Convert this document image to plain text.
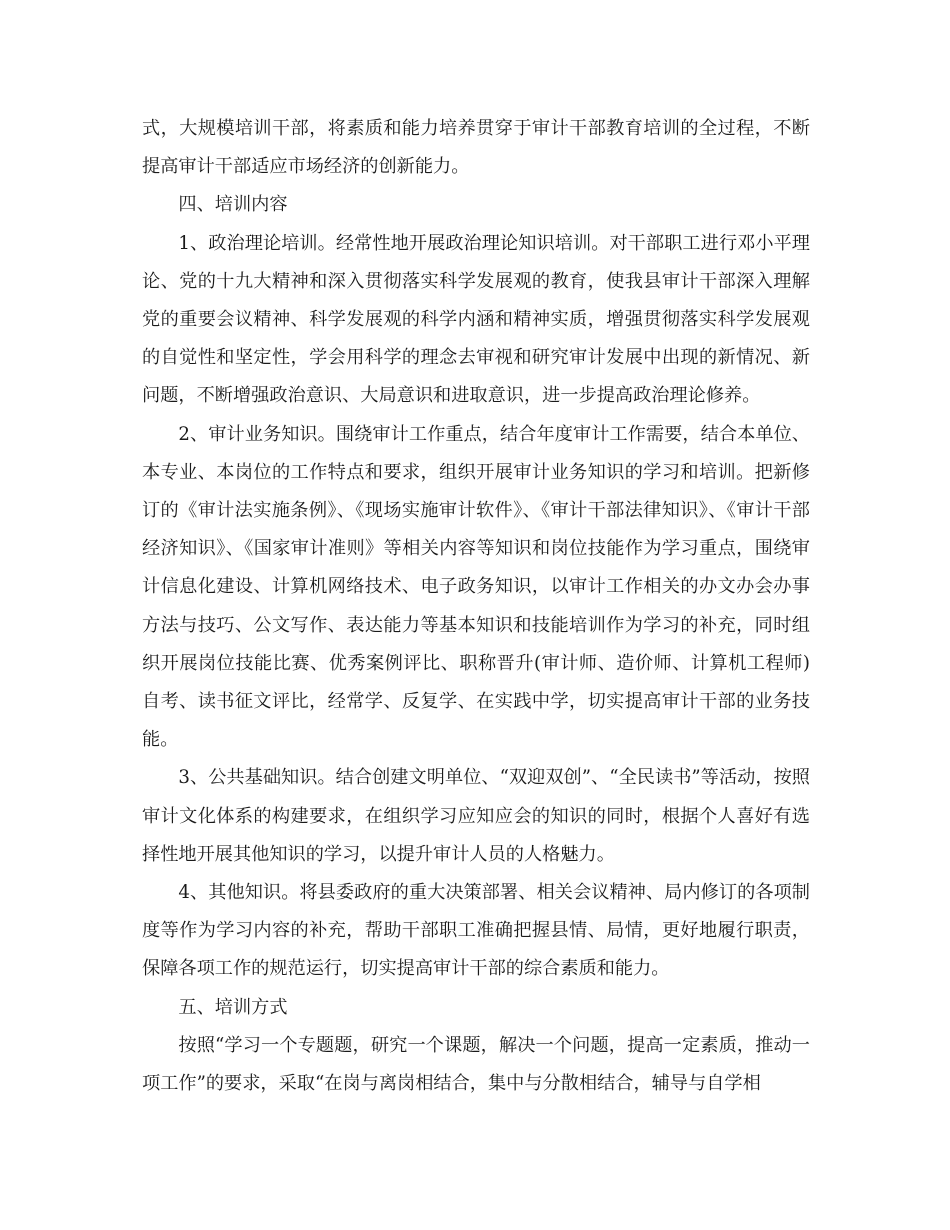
式，大规模培训干部，将素质和能力培养贯穿于审计干部教育培训的全过程，不断提高审计干部适应市场经济的创新能力。

四、培训内容

1、政治理论培训。经常性地开展政治理论知识培训。对干部职工进行邓小平理论、党的十九大精神和深入贯彻落实科学发展观的教育，使我县审计干部深入理解党的重要会议精神、科学发展观的科学内涵和精神实质，增强贯彻落实科学发展观的自觉性和坚定性，学会用科学的理念去审视和研究审计发展中出现的新情况、新问题，不断增强政治意识、大局意识和进取意识，进一步提高政治理论修养。

2、审计业务知识。围绕审计工作重点，结合年度审计工作需要，结合本单位、本专业、本岗位的工作特点和要求，组织开展审计业务知识的学习和培训。把新修订的《审计法实施条例》、《现场实施审计软件》、《审计干部法律知识》、《审计干部经济知识》、《国家审计准则》等相关内容等知识和岗位技能作为学习重点，围绕审计信息化建设、计算机网络技术、电子政务知识，以审计工作相关的办文办会办事方法与技巧、公文写作、表达能力等基本知识和技能培训作为学习的补充，同时组织开展岗位技能比赛、优秀案例评比、职称晋升(审计师、造价师、计算机工程师)自考、读书征文评比，经常学、反复学、在实践中学，切实提高审计干部的业务技能。

3、公共基础知识。结合创建文明单位、“双迎双创”、“全民读书”等活动，按照审计文化体系的构建要求，在组织学习应知应会的知识的同时，根据个人喜好有选择性地开展其他知识的学习，以提升审计人员的人格魅力。

4、其他知识。将县委政府的重大决策部署、相关会议精神、局内修订的各项制度等作为学习内容的补充，帮助干部职工准确把握县情、局情，更好地履行职责，保障各项工作的规范运行，切实提高审计干部的综合素质和能力。

五、培训方式

按照“学习一个专题题，研究一个课题，解决一个问题，提高一定素质，推动一项工作”的要求，采取“在岗与离岗相结合，集中与分散相结合，辅导与自学相
